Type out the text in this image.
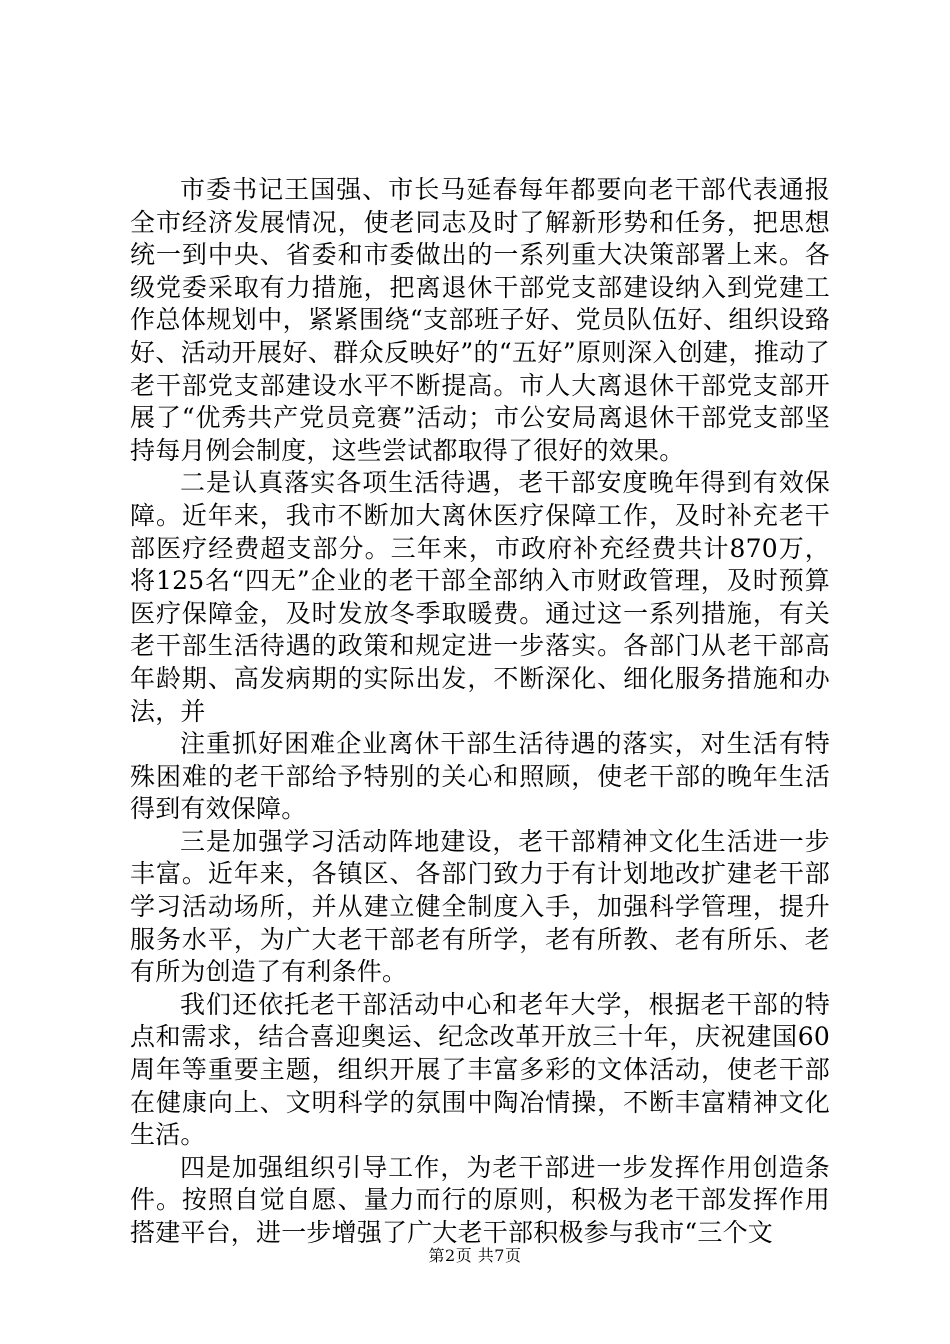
市委书记王国强、市长马延春每年都要向老干部代表通报全市经济发展情况，使老同志及时了解新形势和任务，把思想统一到中央、省委和市委做出的一系列重大决策部署上来。各级党委采取有力措施，把离退休干部党支部建设纳入到党建工作总体规划中，紧紧围绕“支部班子好、党员队伍好、组织设臵好、活动开展好、群众反映好”的“五好”原则深入创建，推动了老干部党支部建设水平不断提高。市人大离退休干部党支部开展了“优秀共产党员竞赛”活动；市公安局离退休干部党支部坚持每月例会制度，这些尝试都取得了很好的效果。

二是认真落实各项生活待遇，老干部安度晚年得到有效保障。近年来，我市不断加大离休医疗保障工作，及时补充老干部医疗经费超支部分。三年来，市政府补充经费共计870万，将125名“四无”企业的老干部全部纳入市财政管理，及时预算医疗保障金，及时发放冬季取暖费。通过这一系列措施，有关老干部生活待遇的政策和规定进一步落实。各部门从老干部高年龄期、高发病期的实际出发，不断深化、细化服务措施和办法，并

注重抓好困难企业离休干部生活待遇的落实，对生活有特殊困难的老干部给予特别的关心和照顾，使老干部的晚年生活得到有效保障。

三是加强学习活动阵地建设，老干部精神文化生活进一步丰富。近年来，各镇区、各部门致力于有计划地改扩建老干部学习活动场所，并从建立健全制度入手，加强科学管理，提升服务水平，为广大老干部老有所学，老有所教、老有所乐、老有所为创造了有利条件。

我们还依托老干部活动中心和老年大学，根据老干部的特点和需求，结合喜迎奥运、纪念改革开放三十年，庆祝建国60周年等重要主题，组织开展了丰富多彩的文体活动，使老干部在健康向上、文明科学的氛围中陶冶情操，不断丰富精神文化生活。

四是加强组织引导工作，为老干部进一步发挥作用创造条件。按照自觉自愿、量力而行的原则，积极为老干部发挥作用搭建平台，进一步增强了广大老干部积极参与我市“三个文

第2页 共7页
